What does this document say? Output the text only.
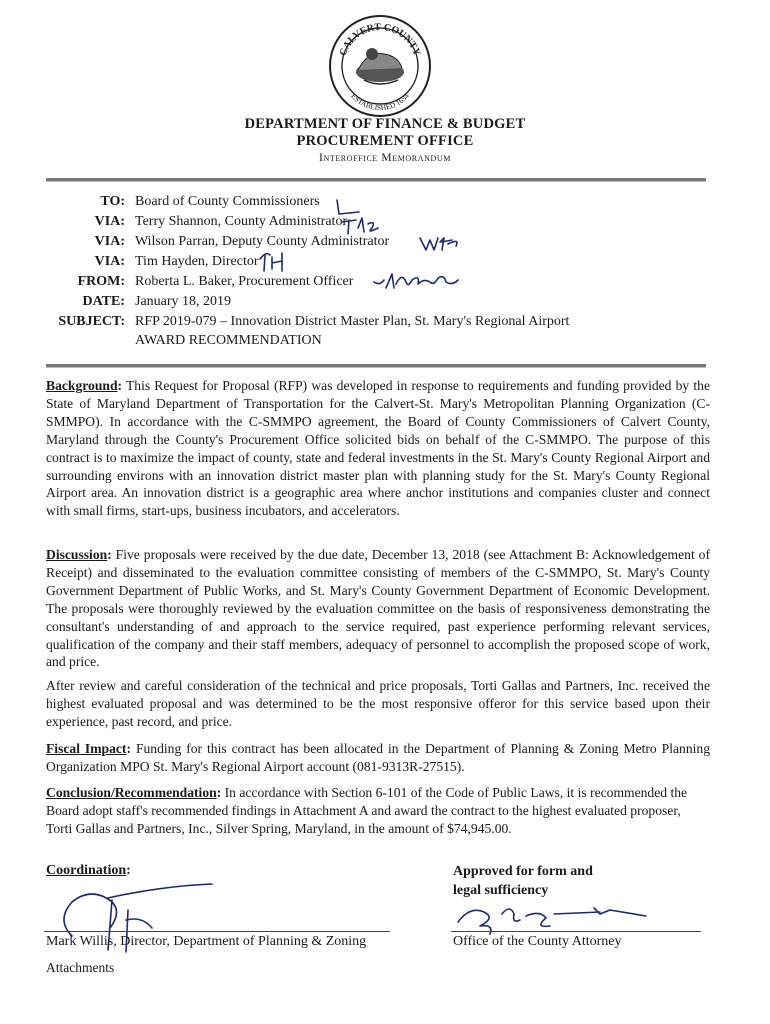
CALVERT COUNTY
ESTABLISHED 1654
DEPARTMENT OF FINANCE & BUDGET
PROCUREMENT OFFICE
Interoffice Memorandum
TO: Board of County Commissioners
VIA: Terry Shannon, County Administrator
VIA: Wilson Parran, Deputy County Administrator
VIA: Tim Hayden, Director
FROM: Roberta L. Baker, Procurement Officer
DATE: January 18, 2019
SUBJECT: RFP 2019-079 – Innovation District Master Plan, St. Mary's Regional Airport
AWARD RECOMMENDATION
Background: This Request for Proposal (RFP) was developed in response to requirements and funding provided by the State of Maryland Department of Transportation for the Calvert-St. Mary's Metropolitan Planning Organization (C-SMMPO). In accordance with the C-SMMPO agreement, the Board of County Commissioners of Calvert County, Maryland through the County's Procurement Office solicited bids on behalf of the C-SMMPO. The purpose of this contract is to maximize the impact of county, state and federal investments in the St. Mary's County Regional Airport and surrounding environs with an innovation district master plan with planning study for the St. Mary's County Regional Airport area. An innovation district is a geographic area where anchor institutions and companies cluster and connect with small firms, start-ups, business incubators, and accelerators.
Discussion: Five proposals were received by the due date, December 13, 2018 (see Attachment B: Acknowledgement of Receipt) and disseminated to the evaluation committee consisting of members of the C-SMMPO, St. Mary's County Government Department of Public Works, and St. Mary's County Government Department of Economic Development. The proposals were thoroughly reviewed by the evaluation committee on the basis of responsiveness demonstrating the consultant's understanding of and approach to the service required, past experience performing relevant services, qualification of the company and their staff members, adequacy of personnel to accomplish the proposed scope of work, and price.
After review and careful consideration of the technical and price proposals, Torti Gallas and Partners, Inc. received the highest evaluated proposal and was determined to be the most responsive offeror for this service based upon their experience, past record, and price.
Fiscal Impact: Funding for this contract has been allocated in the Department of Planning & Zoning Metro Planning Organization MPO St. Mary's Regional Airport account (081-9313R-27515).
Conclusion/Recommendation: In accordance with Section 6-101 of the Code of Public Laws, it is recommended the Board adopt staff's recommended findings in Attachment A and award the contract to the highest evaluated proposer, Torti Gallas and Partners, Inc., Silver Spring, Maryland, in the amount of $74,945.00.
Coordination:	Approved for form and
legal sufficiency
Mark Willis, Director, Department of Planning & Zoning	Office of the County Attorney
Attachments
